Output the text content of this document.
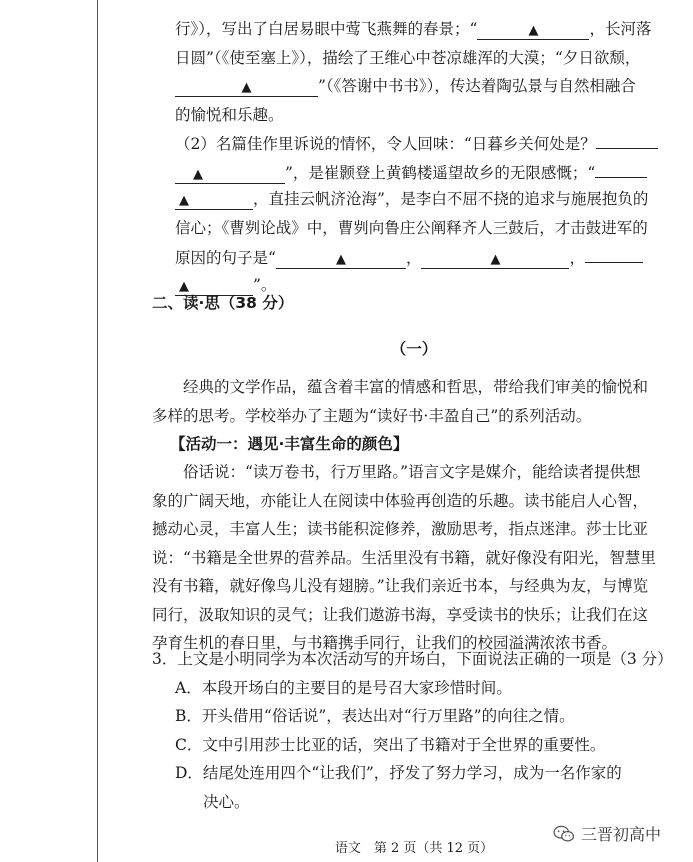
行》），写出了白居易眼中莺飞燕舞的春景；“	▲	，长河落
日圆”（《使至塞上》），描绘了王维心中苍凉雄浑的大漠；“夕日欲颓，
▲	”（《答谢中书书》），传达着陶弘景与自然相融合
的愉悦和乐趣。
（2）名篇佳作里诉说的情怀，令人回味：“日暮乡关何处是？
▲	”，是崔颢登上黄鹤楼遥望故乡的无限感慨；“
▲	，直挂云帆济沧海”，是李白不屈不挠的追求与施展抱负的
信心；《曹刿论战》中，曹刿向鲁庄公阐释齐人三鼓后，才击鼓进军的
原因的句子是“	▲	，	▲	，
▲	”。
二、读·思（38 分）
（一）
经典的文学作品，蕴含着丰富的情感和哲思，带给我们审美的愉悦和
多样的思考。学校举办了主题为“读好书·丰盈自己”的系列活动。
【活动一：遇见·丰富生命的颜色】
俗话说：“读万卷书，行万里路。”语言文字是媒介，能给读者提供想
象的广阔天地，亦能让人在阅读中体验再创造的乐趣。读书能启人心智，
撼动心灵，丰富人生；读书能积淀修养，激励思考，指点迷津。莎士比亚
说：“书籍是全世界的营养品。生活里没有书籍，就好像没有阳光，智慧里
没有书籍，就好像鸟儿没有翅膀。”让我们亲近书本，与经典为友，与博览
同行，汲取知识的灵气；让我们遨游书海，享受读书的快乐；让我们在这
孕育生机的春日里，与书籍携手同行，让我们的校园溢满浓浓书香。
3．上文是小明同学为本次活动写的开场白，下面说法正确的一项是（3 分）
A．本段开场白的主要目的是号召大家珍惜时间。
B．开头借用“俗话说”，表达出对“行万里路”的向往之情。
C．文中引用莎士比亚的话，突出了书籍对于全世界的重要性。
D．结尾处连用四个“让我们”，抒发了努力学习，成为一名作家的
决心。
语文　第 2 页（共 12 页）
三晋初高中
